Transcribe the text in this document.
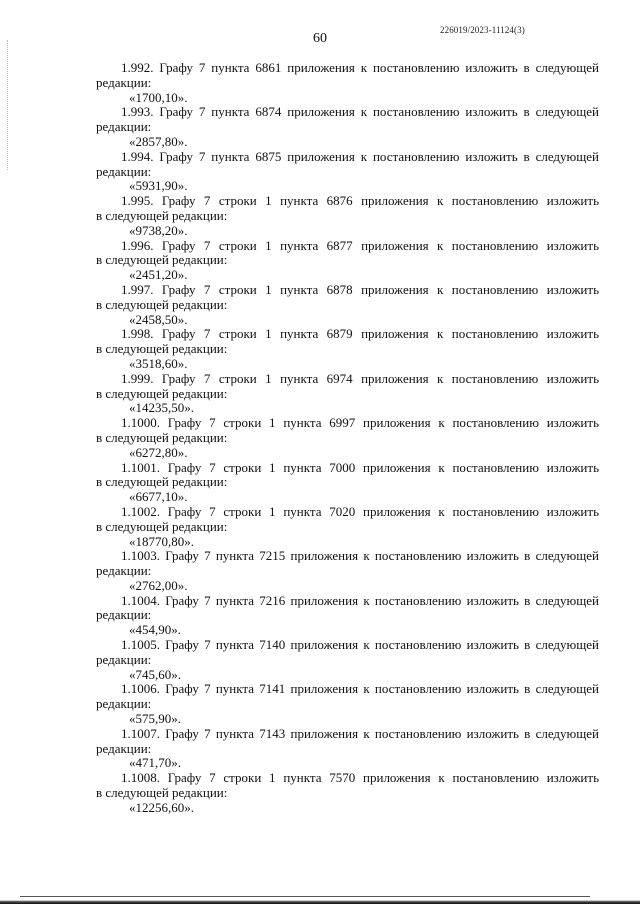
226019/2023-11124(3)
60
1.992. Графу 7 пункта 6861 приложения к постановлению изложить в следующей
редакции:
«1700,10».
1.993. Графу 7 пункта 6874 приложения к постановлению изложить в следующей
редакции:
«2857,80».
1.994. Графу 7 пункта 6875 приложения к постановлению изложить в следующей
редакции:
«5931,90».
1.995. Графу 7 строки 1 пункта 6876 приложения к постановлению изложить
в следующей редакции:
«9738,20».
1.996. Графу 7 строки 1 пункта 6877 приложения к постановлению изложить
в следующей редакции:
«2451,20».
1.997. Графу 7 строки 1 пункта 6878 приложения к постановлению изложить
в следующей редакции:
«2458,50».
1.998. Графу 7 строки 1 пункта 6879 приложения к постановлению изложить
в следующей редакции:
«3518,60».
1.999. Графу 7 строки 1 пункта 6974 приложения к постановлению изложить
в следующей редакции:
«14235,50».
1.1000. Графу 7 строки 1 пункта 6997 приложения к постановлению изложить
в следующей редакции:
«6272,80».
1.1001. Графу 7 строки 1 пункта 7000 приложения к постановлению изложить
в следующей редакции:
«6677,10».
1.1002. Графу 7 строки 1 пункта 7020 приложения к постановлению изложить
в следующей редакции:
«18770,80».
1.1003. Графу 7 пункта 7215 приложения к постановлению изложить в следующей
редакции:
«2762,00».
1.1004. Графу 7 пункта 7216 приложения к постановлению изложить в следующей
редакции:
«454,90».
1.1005. Графу 7 пункта 7140 приложения к постановлению изложить в следующей
редакции:
«745,60».
1.1006. Графу 7 пункта 7141 приложения к постановлению изложить в следующей
редакции:
«575,90».
1.1007. Графу 7 пункта 7143 приложения к постановлению изложить в следующей
редакции:
«471,70».
1.1008. Графу 7 строки 1 пункта 7570 приложения к постановлению изложить
в следующей редакции:
«12256,60».
